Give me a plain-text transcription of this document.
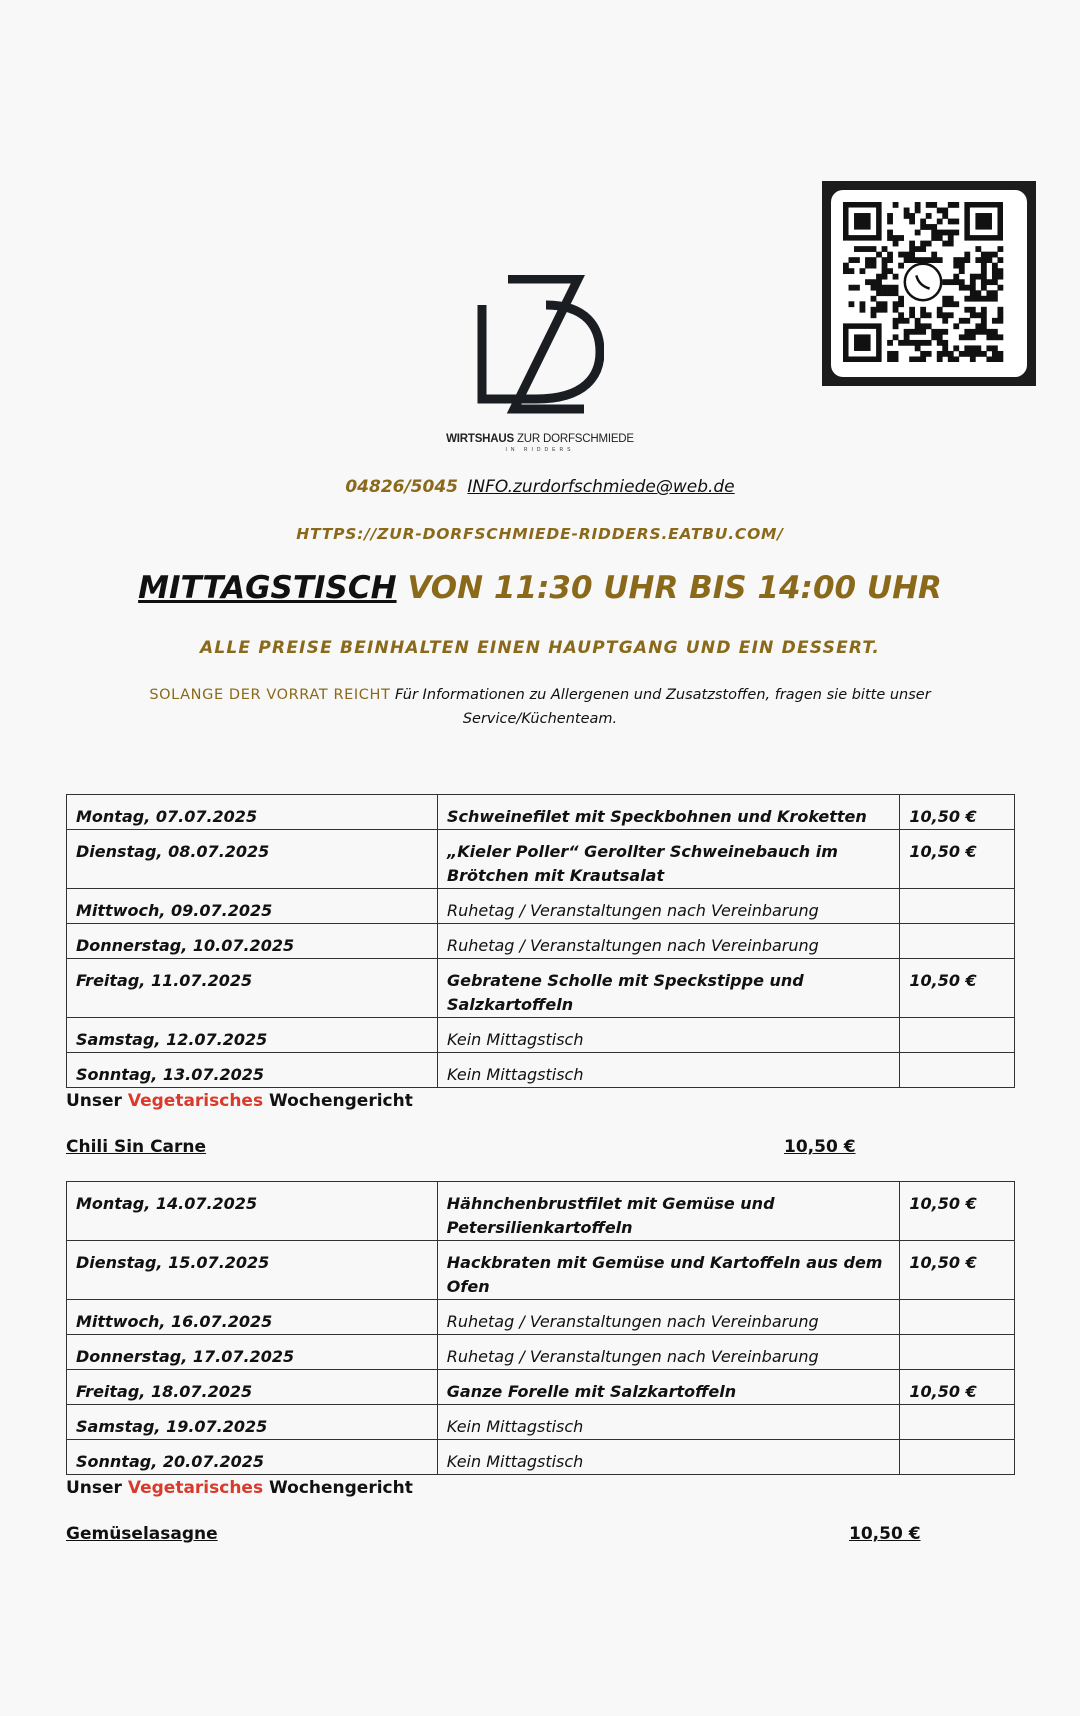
WIRTSHAUS ZUR DORFSCHMIEDE
IN RIDDERS
04826/5045 INFO.zurdorfschmiede@web.de
HTTPS://ZUR-DORFSCHMIEDE-RIDDERS.EATBU.COM/
MITTAGSTISCH VON 11:30 UHR BIS 14:00 UHR
ALLE PREISE BEINHALTEN EINEN HAUPTGANG UND EIN DESSERT.
SOLANGE DER VORRAT REICHT Für Informationen zu Allergenen und Zusatzstoffen, fragen sie bitte unser Service/Küchenteam.
Montag, 07.07.2025	Schweinefilet mit Speckbohnen und Kroketten	10,50 €
Dienstag, 08.07.2025	„Kieler Poller“ Gerollter Schweinebauch im Brötchen mit Krautsalat	10,50 €
Mittwoch, 09.07.2025	Ruhetag / Veranstaltungen nach Vereinbarung	
Donnerstag, 10.07.2025	Ruhetag / Veranstaltungen nach Vereinbarung	
Freitag, 11.07.2025	Gebratene Scholle mit Speckstippe und Salzkartoffeln	10,50 €
Samstag, 12.07.2025	Kein Mittagstisch	
Sonntag, 13.07.2025	Kein Mittagstisch	
Unser Vegetarisches Wochengericht
Chili Sin Carne	10,50 €
Montag, 14.07.2025	Hähnchenbrustfilet mit Gemüse und Petersilienkartoffeln	10,50 €
Dienstag, 15.07.2025	Hackbraten mit Gemüse und Kartoffeln aus dem Ofen	10,50 €
Mittwoch, 16.07.2025	Ruhetag / Veranstaltungen nach Vereinbarung	
Donnerstag, 17.07.2025	Ruhetag / Veranstaltungen nach Vereinbarung	
Freitag, 18.07.2025	Ganze Forelle mit Salzkartoffeln	10,50 €
Samstag, 19.07.2025	Kein Mittagstisch	
Sonntag, 20.07.2025	Kein Mittagstisch	
Unser Vegetarisches Wochengericht
Gemüselasagne	10,50 €
